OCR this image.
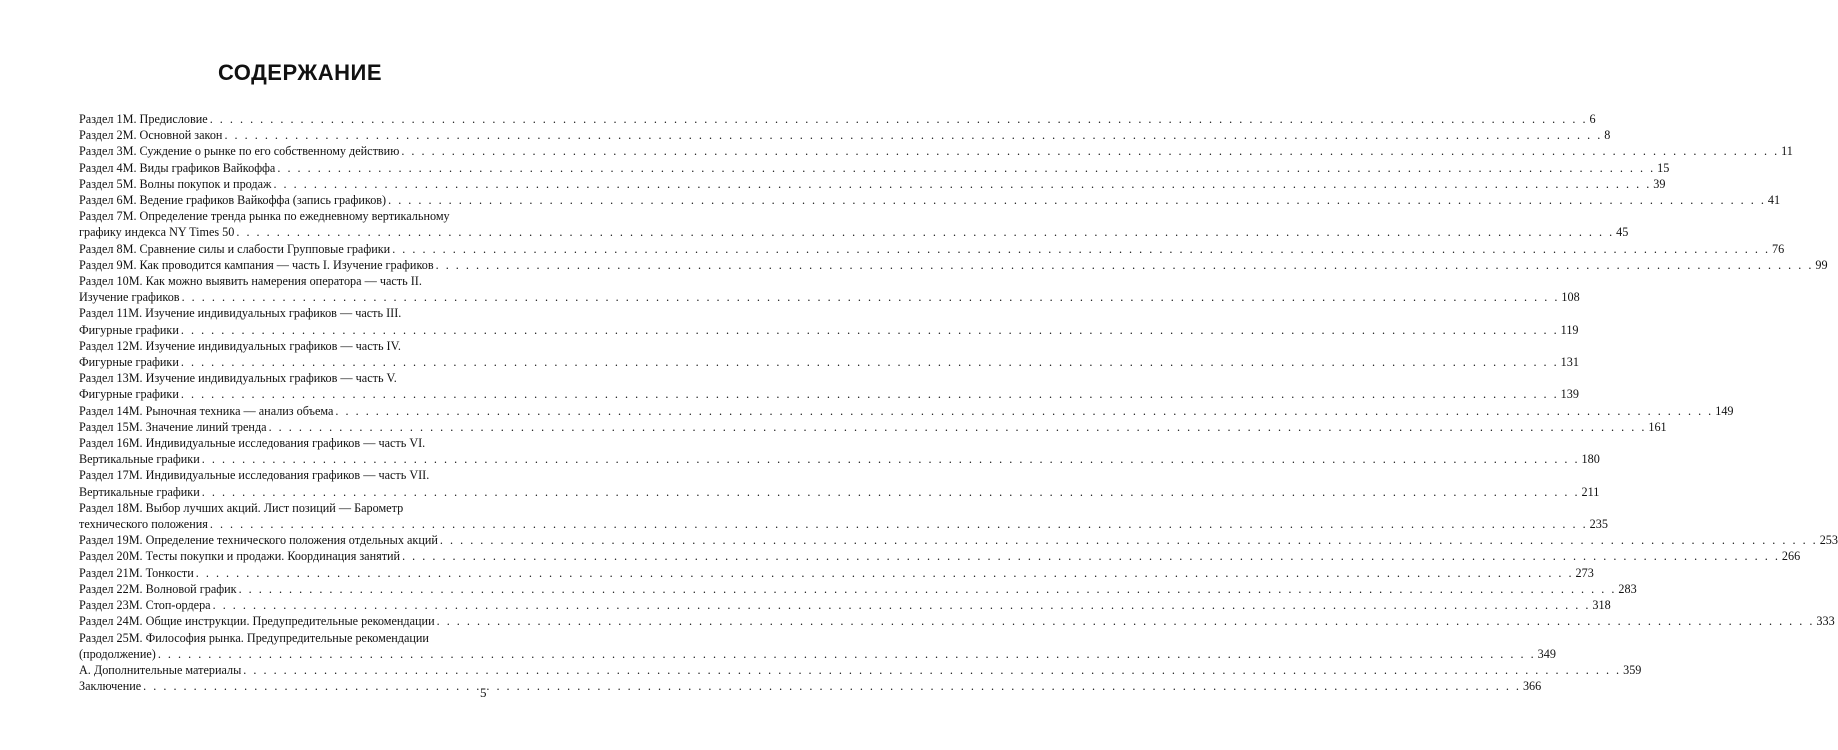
СОДЕРЖАНИЕ
Раздел 1М. Предисловие . . .	6
Раздел 2М. Основной закон . . .	8
Раздел 3М. Суждение о рынке по его собственному действию . . .	11
Раздел 4М. Виды графиков Вайкоффа . . .	15
Раздел 5М. Волны покупок и продаж . . .	39
Раздел 6М. Ведение графиков Вайкоффа (запись графиков) . . .	41
Раздел 7М. Определение тренда рынка по ежедневному вертикальному
графику индекса NY Times 50 . . .	45
Раздел 8М. Сравнение силы и слабости Групповые графики . . .	76
Раздел 9М. Как проводится кампания — часть I. Изучение графиков . . .	99
Раздел 10М. Как можно выявить намерения оператора — часть II.
Изучение графиков . . .	108
Раздел 11М. Изучение индивидуальных графиков — часть III.
Фигурные графики . . .	119
Раздел 12М. Изучение индивидуальных графиков — часть IV.
Фигурные графики . . .	131
Раздел 13М. Изучение индивидуальных графиков — часть V.
Фигурные графики . . .	139
Раздел 14М. Рыночная техника — анализ объема . . .	149
Раздел 15М. Значение линий тренда . . .	161
Раздел 16М. Индивидуальные исследования графиков — часть VI.
Вертикальные графики . . .	180
Раздел 17М. Индивидуальные исследования графиков — часть VII.
Вертикальные графики . . .	211
Раздел 18М. Выбор лучших акций. Лист позиций — Барометр
технического положения . . .	235
Раздел 19М. Определение технического положения отдельных акций . . .	253
Раздел 20М. Тесты покупки и продажи. Координация занятий . . .	266
Раздел 21М. Тонкости . . .	273
Раздел 22М. Волновой график . . .	283
Раздел 23М. Стоп-ордера . . .	318
Раздел 24М. Общие инструкции. Предупредительные рекомендации . . .	333
Раздел 25М. Философия рынка. Предупредительные рекомендации
(продолжение) . . .	349
А. Дополнительные материалы . . .	359
Заключение . . .	366
5
